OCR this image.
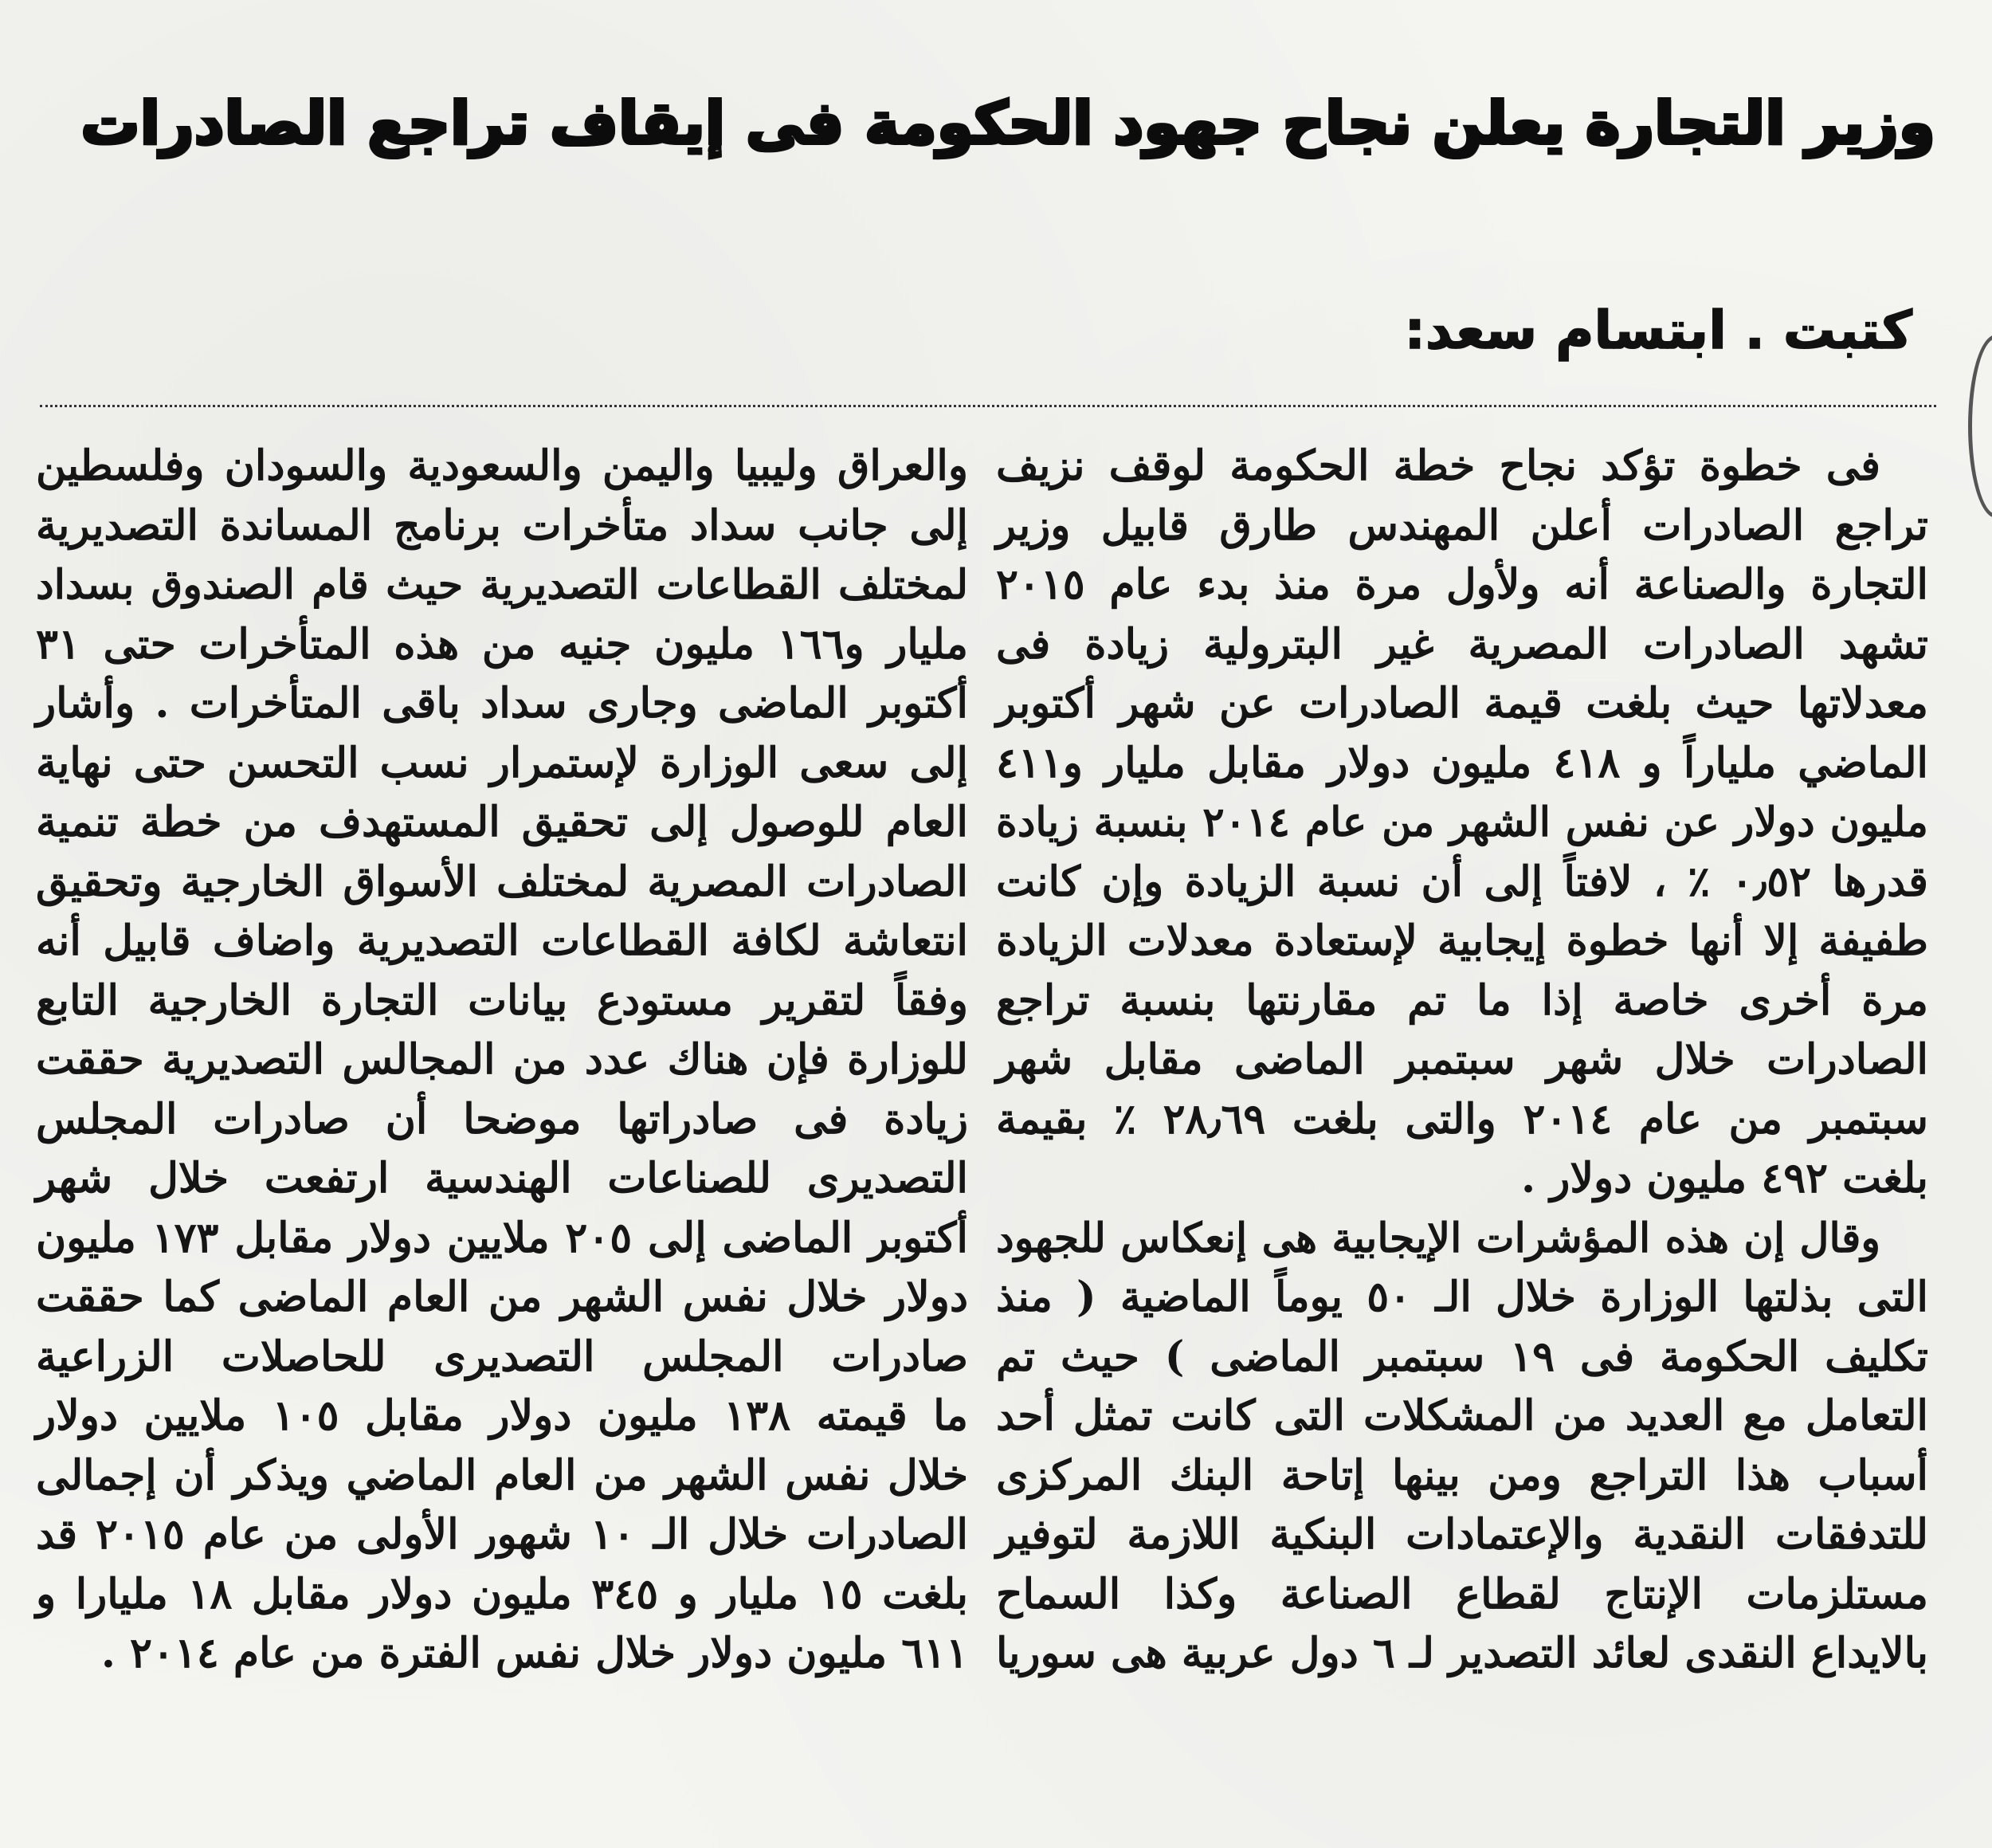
وزير التجارة يعلن نجاح جهود الحكومة فى إيقاف تراجع الصادرات
كتبت . ابتسام سعد:
فى خطوة تؤكد نجاح خطة الحكومة لوقف نزيف
تراجع الصادرات أعلن المهندس طارق قابيل وزير
التجارة والصناعة أنه ولأول مرة منذ بدء عام ٢٠١٥
تشهد الصادرات المصرية غير البترولية زيادة فى
معدلاتها حيث بلغت قيمة الصادرات عن شهر أكتوبر
الماضي ملياراً و ٤١٨ مليون دولار مقابل مليار و٤١١
مليون دولار عن نفس الشهر من عام ٢٠١٤ بنسبة زيادة
قدرها ٠٫٥٢ ٪ ، لافتاً إلى أن نسبة الزيادة وإن كانت
طفيفة إلا أنها خطوة إيجابية لإستعادة معدلات الزيادة
مرة أخرى خاصة إذا ما تم مقارنتها بنسبة تراجع
الصادرات خلال شهر سبتمبر الماضى مقابل شهر
سبتمبر من عام ٢٠١٤ والتى بلغت ٢٨٫٦٩ ٪ بقيمة
بلغت ٤٩٢ مليون دولار .
وقال إن هذه المؤشرات الإيجابية هى إنعكاس للجهود
التى بذلتها الوزارة خلال الـ ٥٠ يوماً الماضية ( منذ
تكليف الحكومة فى ١٩ سبتمبر الماضى ) حيث تم
التعامل مع العديد من المشكلات التى كانت تمثل أحد
أسباب هذا التراجع ومن بينها إتاحة البنك المركزى
للتدفقات النقدية والإعتمادات البنكية اللازمة لتوفير
مستلزمات الإنتاج لقطاع الصناعة وكذا السماح
بالايداع النقدى لعائد التصدير لـ ٦ دول عربية هى سوريا
والعراق وليبيا واليمن والسعودية والسودان وفلسطين
إلى جانب سداد متأخرات برنامج المساندة التصديرية
لمختلف القطاعات التصديرية حيث قام الصندوق بسداد
مليار و١٦٦ مليون جنيه من هذه المتأخرات حتى ٣١
أكتوبر الماضى وجارى سداد باقى المتأخرات . وأشار
إلى سعى الوزارة لإستمرار نسب التحسن حتى نهاية
العام للوصول إلى تحقيق المستهدف من خطة تنمية
الصادرات المصرية لمختلف الأسواق الخارجية وتحقيق
انتعاشة لكافة القطاعات التصديرية واضاف قابيل أنه
وفقاً لتقرير مستودع بيانات التجارة الخارجية التابع
للوزارة فإن هناك عدد من المجالس التصديرية حققت
زيادة فى صادراتها موضحا أن صادرات المجلس
التصديرى للصناعات الهندسية ارتفعت خلال شهر
أكتوبر الماضى إلى ٢٠٥ ملايين دولار مقابل ١٧٣ مليون
دولار خلال نفس الشهر من العام الماضى كما حققت
صادرات المجلس التصديرى للحاصلات الزراعية
ما قيمته ١٣٨ مليون دولار مقابل ١٠٥ ملايين دولار
خلال نفس الشهر من العام الماضي ويذكر أن إجمالى
الصادرات خلال الـ ١٠ شهور الأولى من عام ٢٠١٥ قد
بلغت ١٥ مليار و ٣٤٥ مليون دولار مقابل ١٨ مليارا و
٦١١ مليون دولار خلال نفس الفترة من عام ٢٠١٤ .
